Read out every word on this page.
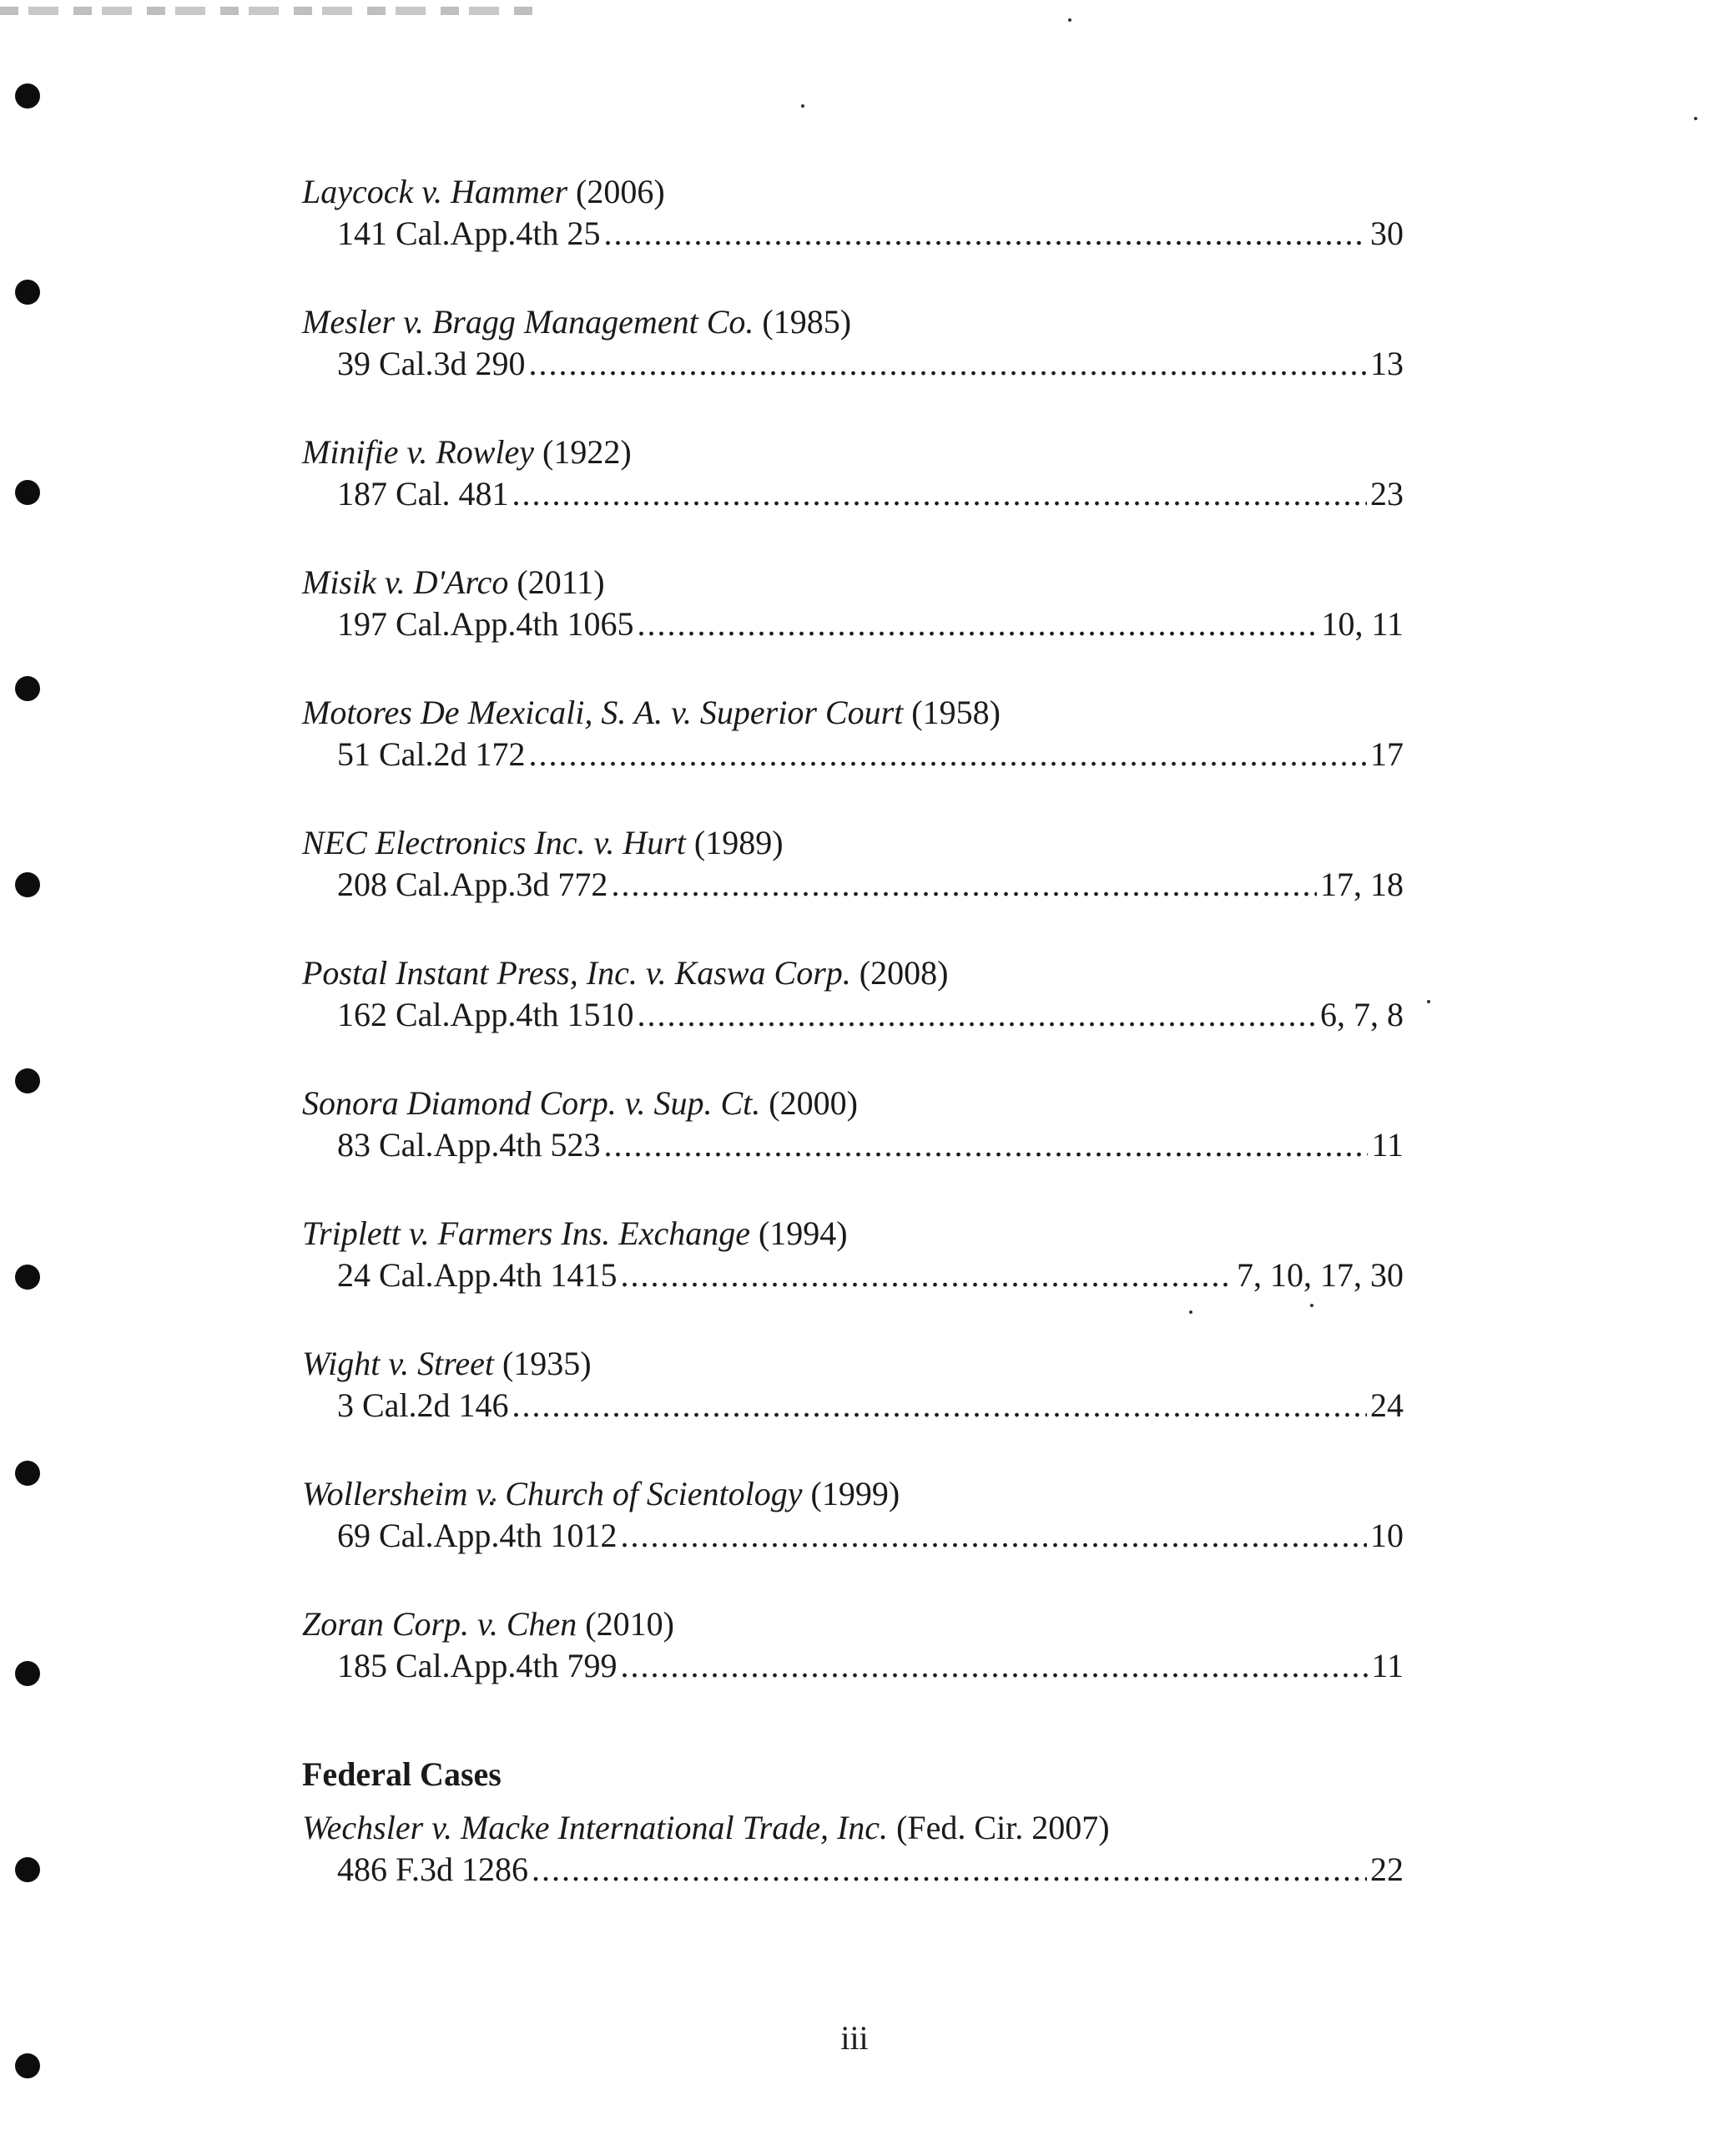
Laycock v. Hammer (2006)
141 Cal.App.4th 25 .....	30
Mesler v. Bragg Management Co. (1985)
39 Cal.3d 290 .....	13
Minifie v. Rowley (1922)
187 Cal. 481 .....	23
Misik v. D'Arco (2011)
197 Cal.App.4th 1065 .....	10, 11
Motores De Mexicali, S. A. v. Superior Court (1958)
51 Cal.2d 172 .....	17
NEC Electronics Inc. v. Hurt (1989)
208 Cal.App.3d 772 .....	17, 18
Postal Instant Press, Inc. v. Kaswa Corp. (2008)
162 Cal.App.4th 1510 .....	6, 7, 8
Sonora Diamond Corp. v. Sup. Ct. (2000)
83 Cal.App.4th 523 .....	11
Triplett v. Farmers Ins. Exchange (1994)
24 Cal.App.4th 1415 .....	7, 10, 17, 30
Wight v. Street (1935)
3 Cal.2d 146 .....	24
Wollersheim v. Church of Scientology (1999)
69 Cal.App.4th 1012 .....	10
Zoran Corp. v. Chen (2010)
185 Cal.App.4th 799 .....	11
Federal Cases
Wechsler v. Macke International Trade, Inc. (Fed. Cir. 2007)
486 F.3d 1286 .....	22
iii
